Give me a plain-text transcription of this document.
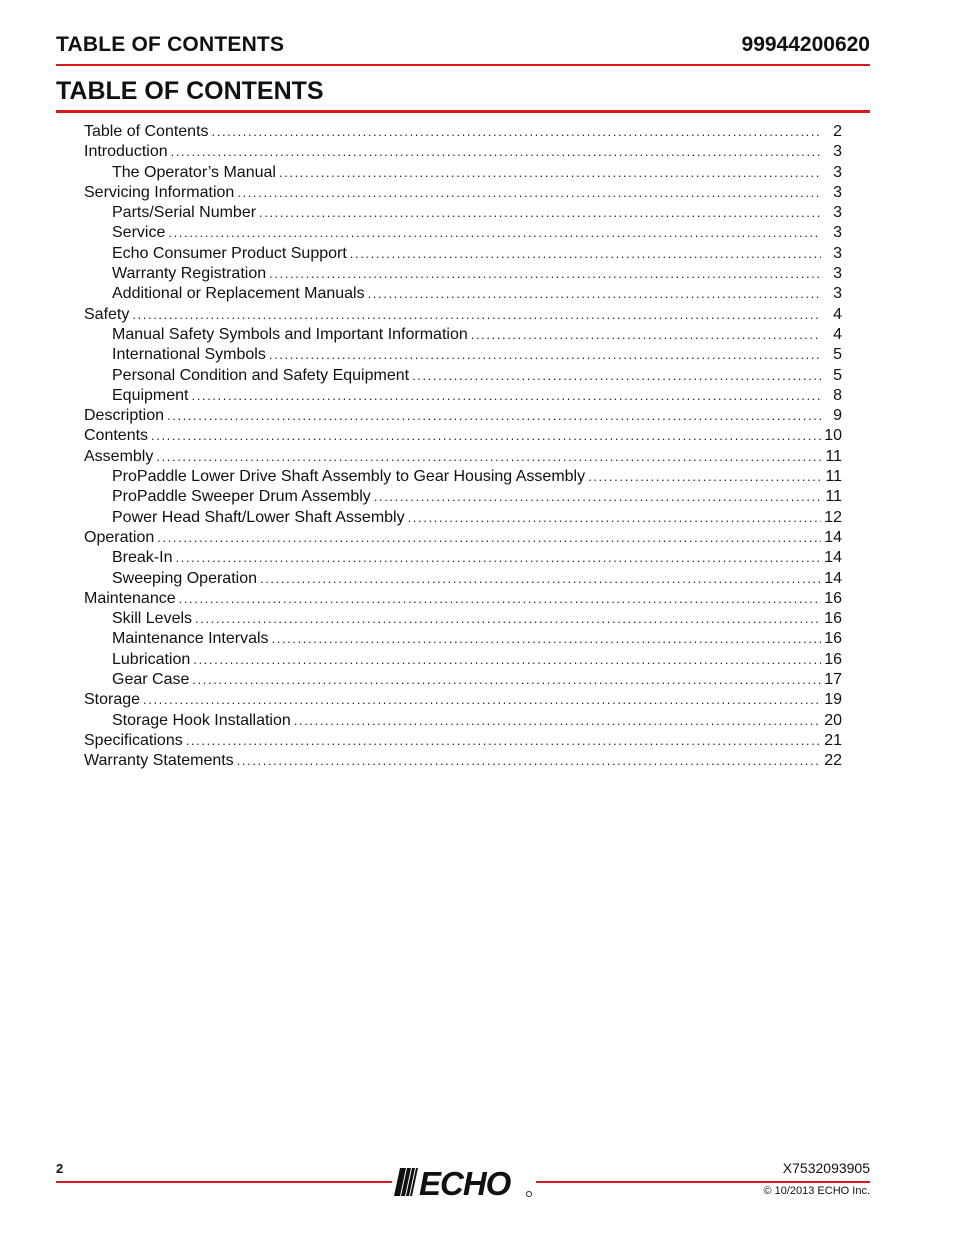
TABLE OF CONTENTS	99944200620
TABLE OF CONTENTS
Table of Contents .....	2
Introduction .....	3
The Operator’s Manual .....	3
Servicing Information .....	3
Parts/Serial Number .....	3
Service .....	3
Echo Consumer Product Support .....	3
Warranty Registration .....	3
Additional or Replacement Manuals .....	3
Safety .....	4
Manual Safety Symbols and Important Information .....	4
International Symbols .....	5
Personal Condition and Safety Equipment .....	5
Equipment .....	8
Description .....	9
Contents .....	10
Assembly .....	11
ProPaddle Lower Drive Shaft Assembly to Gear Housing Assembly .....	11
ProPaddle Sweeper Drum Assembly .....	11
Power Head Shaft/Lower Shaft Assembly .....	12
Operation .....	14
Break-In .....	14
Sweeping Operation .....	14
Maintenance .....	16
Skill Levels .....	16
Maintenance Intervals .....	16
Lubrication .....	16
Gear Case .....	17
Storage .....	19
Storage Hook Installation .....	20
Specifications .....	21
Warranty Statements .....	22
2	ECHO	X7532093905
© 10/2013 ECHO Inc.
